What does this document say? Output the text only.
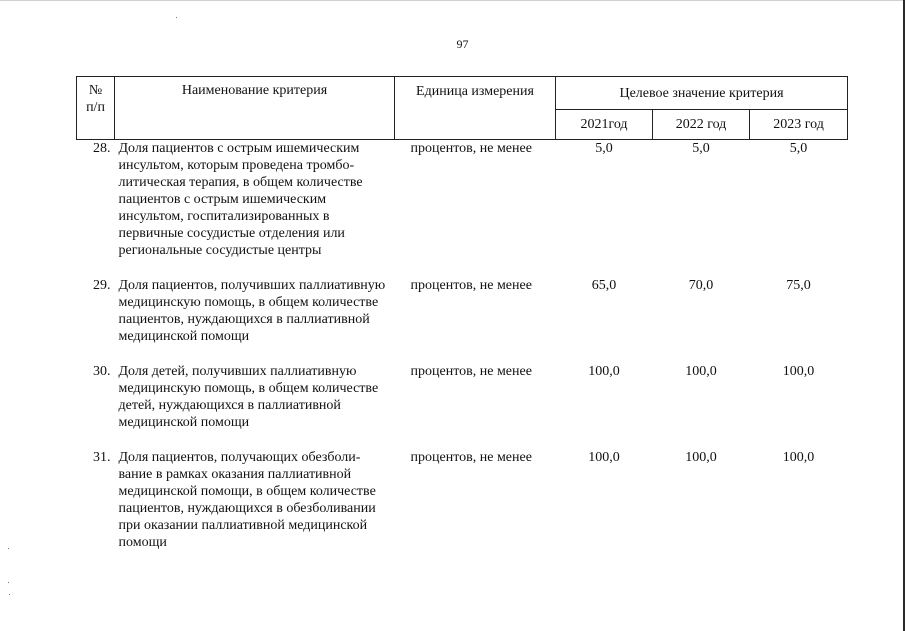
97
№
п/п	Наименование критерия	Единица измерения	Целевое значение критерия		
			2021год	2022 год	2023 год
28.	Доля пациентов с острым ишемическим инсультом, которым проведена тромбо-литическая терапия, в общем количестве пациентов с острым ишемическим инсультом, госпитализированных в первичные сосудистые отделения или региональные сосудистые центры	процентов, не менее	5,0	5,0	5,0

29.	Доля пациентов, получивших паллиативную медицинскую помощь, в общем количестве пациентов, нуждающихся в паллиативной медицинской помощи	процентов, не менее	65,0	70,0	75,0

30.	Доля детей, получивших паллиативную медицинскую помощь, в общем количестве детей, нуждающихся в паллиативной медицинской помощи	процентов, не менее	100,0	100,0	100,0

31.	Доля пациентов, получающих обезболи-вание в рамках оказания паллиативной медицинской помощи, в общем количестве пациентов, нуждающихся в обезболивании при оказании паллиативной медицинской помощи	процентов, не менее	100,0	100,0	100,0
